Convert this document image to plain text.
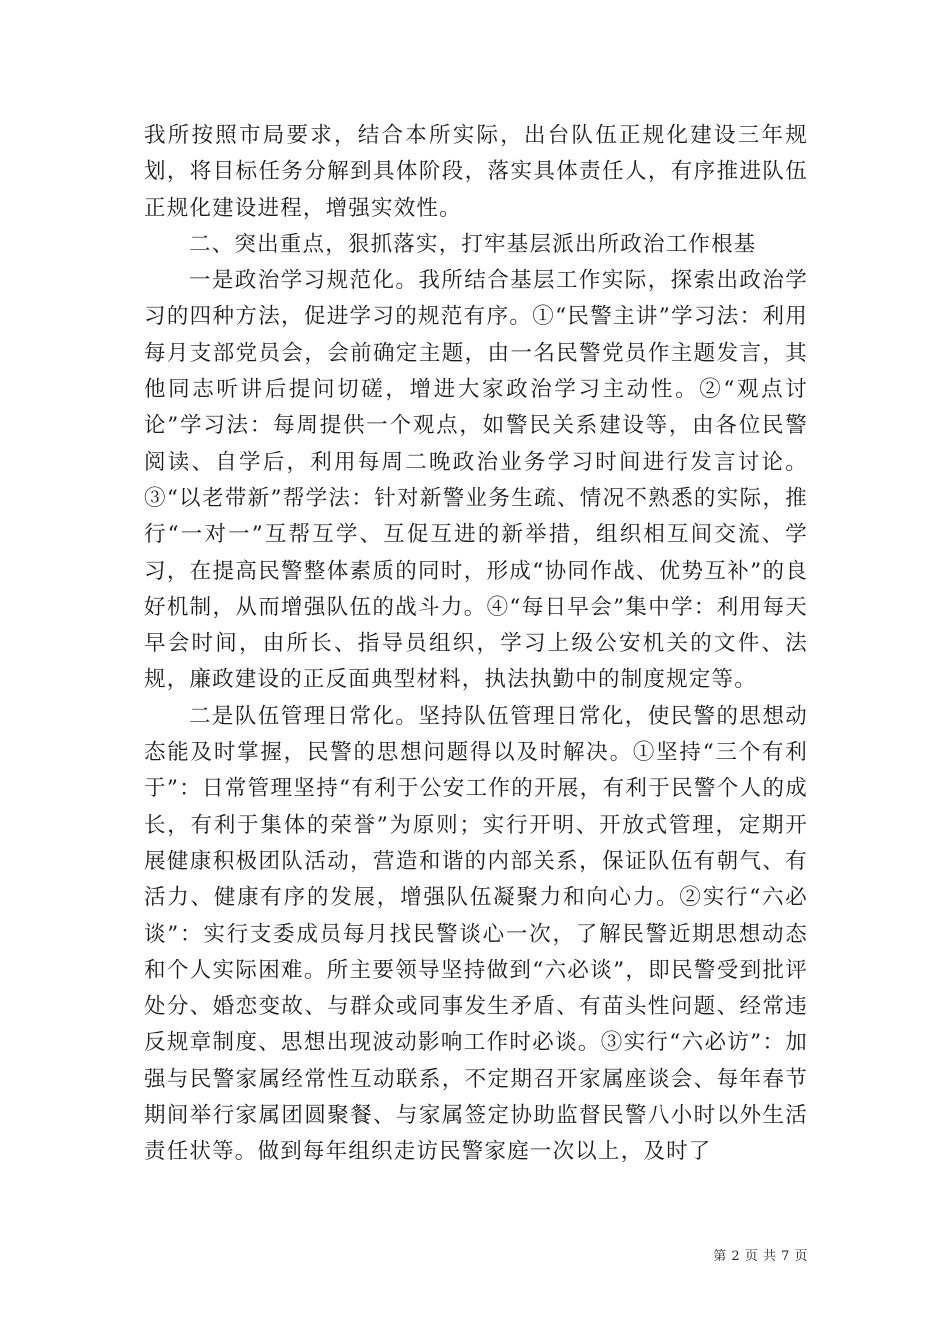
我所按照市局要求，结合本所实际，出台队伍正规化建设三年规划，将目标任务分解到具体阶段，落实具体责任人，有序推进队伍正规化建设进程，增强实效性。

二、突出重点，狠抓落实，打牢基层派出所政治工作根基

一是政治学习规范化。我所结合基层工作实际，探索出政治学习的四种方法，促进学习的规范有序。①“民警主讲”学习法：利用每月支部党员会，会前确定主题，由一名民警党员作主题发言，其他同志听讲后提问切磋，增进大家政治学习主动性。②“观点讨论”学习法：每周提供一个观点，如警民关系建设等，由各位民警阅读、自学后，利用每周二晚政治业务学习时间进行发言讨论。③“以老带新”帮学法：针对新警业务生疏、情况不熟悉的实际，推行“一对一”互帮互学、互促互进的新举措，组织相互间交流、学习，在提高民警整体素质的同时，形成“协同作战、优势互补”的良好机制，从而增强队伍的战斗力。④“每日早会”集中学：利用每天早会时间，由所长、指导员组织，学习上级公安机关的文件、法规，廉政建设的正反面典型材料，执法执勤中的制度规定等。

二是队伍管理日常化。坚持队伍管理日常化，使民警的思想动态能及时掌握，民警的思想问题得以及时解决。①坚持“三个有利于”：日常管理坚持“有利于公安工作的开展，有利于民警个人的成长，有利于集体的荣誉”为原则；实行开明、开放式管理，定期开展健康积极团队活动，营造和谐的内部关系，保证队伍有朝气、有活力、健康有序的发展，增强队伍凝聚力和向心力。②实行“六必谈”：实行支委成员每月找民警谈心一次，了解民警近期思想动态和个人实际困难。所主要领导坚持做到“六必谈”，即民警受到批评处分、婚恋变故、与群众或同事发生矛盾、有苗头性问题、经常违反规章制度、思想出现波动影响工作时必谈。③实行“六必访”：加强与民警家属经常性互动联系，不定期召开家属座谈会、每年春节期间举行家属团圆聚餐、与家属签定协助监督民警八小时以外生活责任状等。做到每年组织走访民警家庭一次以上，及时了

第 2 页 共 7 页
